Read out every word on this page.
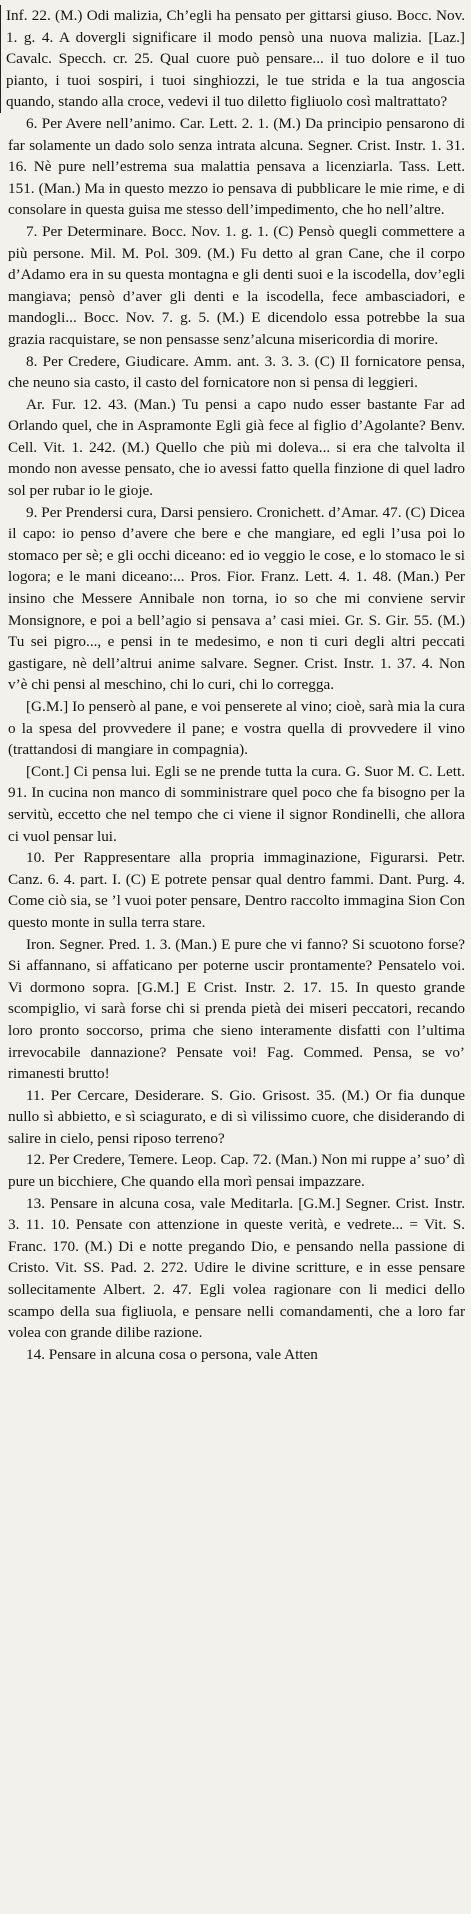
Inf. 22. (M.) Odi malizia, Ch’egli ha pensato per gittarsi giuso. Bocc. Nov. 1. g. 4. A dovergli significare il modo pensò una nuova malizia. [Laz.] Cavalc. Specch. cr. 25. Qual cuore può pensare... il tuo dolore e il tuo pianto, i tuoi sospiri, i tuoi singhiozzi, le tue strida e la tua angoscia quando, stando alla croce, vedevi il tuo diletto figliuolo così maltrattato?

6. Per Avere nell’animo. Car. Lett. 2. 1. (M.) Da principio pensarono di far solamente un dado solo senza intrata alcuna. Segner. Crist. Instr. 1. 31. 16. Nè pure nell’estrema sua malattia pensava a licenziarla. Tass. Lett. 151. (Man.) Ma in questo mezzo io pensava di pubblicare le mie rime, e di consolare in questa guisa me stesso dell’impedimento, che ho nell’altre.

7. Per Determinare. Bocc. Nov. 1. g. 1. (C) Pensò quegli commettere a più persone. Mil. M. Pol. 309. (M.) Fu detto al gran Cane, che il corpo d’Adamo era in su questa montagna e gli denti suoi e la iscodella, dov’egli mangiava; pensò d’aver gli denti e la iscodella, fece ambasciadori, e mandogli... Bocc. Nov. 7. g. 5. (M.) E dicendolo essa potrebbe la sua grazia racquistare, se non pensasse senz’alcuna misericordia di morire.

8. Per Credere, Giudicare. Amm. ant. 3. 3. 3. (C) Il fornicatore pensa, che neuno sia casto, il casto del fornicatore non si pensa di leggieri.

Ar. Fur. 12. 43. (Man.) Tu pensi a capo nudo esser bastante Far ad Orlando quel, che in Aspramonte Egli già fece al figlio d’Agolante? Benv. Cell. Vit. 1. 242. (M.) Quello che più mi doleva... si era che talvolta il mondo non avesse pensato, che io avessi fatto quella finzione di quel ladro sol per rubar io le gioje.

9. Per Prendersi cura, Darsi pensiero. Cronichett. d’Amar. 47. (C) Dicea il capo: io penso d’avere che bere e che mangiare, ed egli l’usa poi lo stomaco per sè; e gli occhi diceano: ed io veggio le cose, e lo stomaco le si logora; e le mani diceano:... Pros. Fior. Franz. Lett. 4. 1. 48. (Man.) Per insino che Messere Annibale non torna, io so che mi conviene servir Monsignore, e poi a bell’agio si pensava a’ casi miei. Gr. S. Gir. 55. (M.) Tu sei pigro..., e pensi in te medesimo, e non ti curi degli altri peccati gastigare, nè dell’altrui anime salvare. Segner. Crist. Instr. 1. 37. 4. Non v’è chi pensi al meschino, chi lo curi, chi lo corregga.

[G.M.] Io penserò al pane, e voi penserete al vino; cioè, sarà mia la cura o la spesa del provvedere il pane; e vostra quella di provvedere il vino (trattandosi di mangiare in compagnia).

[Cont.] Ci pensa lui. Egli se ne prende tutta la cura. G. Suor M. C. Lett. 91. In cucina non manco di somministrare quel poco che fa bisogno per la servitù, eccetto che nel tempo che ci viene il signor Rondinelli, che allora ci vuol pensar lui.

10. Per Rappresentare alla propria immaginazione, Figurarsi. Petr. Canz. 6. 4. part. I. (C) E potrete pensar qual dentro fammi. Dant. Purg. 4. Come ciò sia, se ’l vuoi poter pensare, Dentro raccolto immagina Sion Con questo monte in sulla terra stare.

Iron. Segner. Pred. 1. 3. (Man.) E pure che vi fanno? Si scuotono forse? Si affannano, si affaticano per poterne uscir prontamente? Pensatelo voi. Vi dormono sopra. [G.M.] E Crist. Instr. 2. 17. 15. In questo grande scompiglio, vi sarà forse chi si prenda pietà dei miseri peccatori, recando loro pronto soccorso, prima che sieno interamente disfatti con l’ultima irrevocabile dannazione? Pensate voi! Fag. Commed. Pensa, se vo’ rimanesti brutto!

11. Per Cercare, Desiderare. S. Gio. Grisost. 35. (M.) Or fia dunque nullo sì abbietto, e sì sciagurato, e di sì vilissimo cuore, che disiderando di salire in cielo, pensi riposo terreno?

12. Per Credere, Temere. Leop. Cap. 72. (Man.) Non mi ruppe a’ suo’ dì pure un bicchiere, Che quando ella morì pensai impazzare.

13. Pensare in alcuna cosa, vale Meditarla. [G.M.] Segner. Crist. Instr. 3. 11. 10. Pensate con attenzione in queste verità, e vedrete... = Vit. S. Franc. 170. (M.) Di e notte pregando Dio, e pensando nella passione di Cristo. Vit. SS. Pad. 2. 272. Udire le divine scritture, e in esse pensare sollecitamente Albert. 2. 47. Egli volea ragionare con li medici dello scampo della sua figliuola, e pensare nelli comandamenti, che a loro far volea con grande dilibe razione.

14. Pensare in alcuna cosa o persona, vale Atten
